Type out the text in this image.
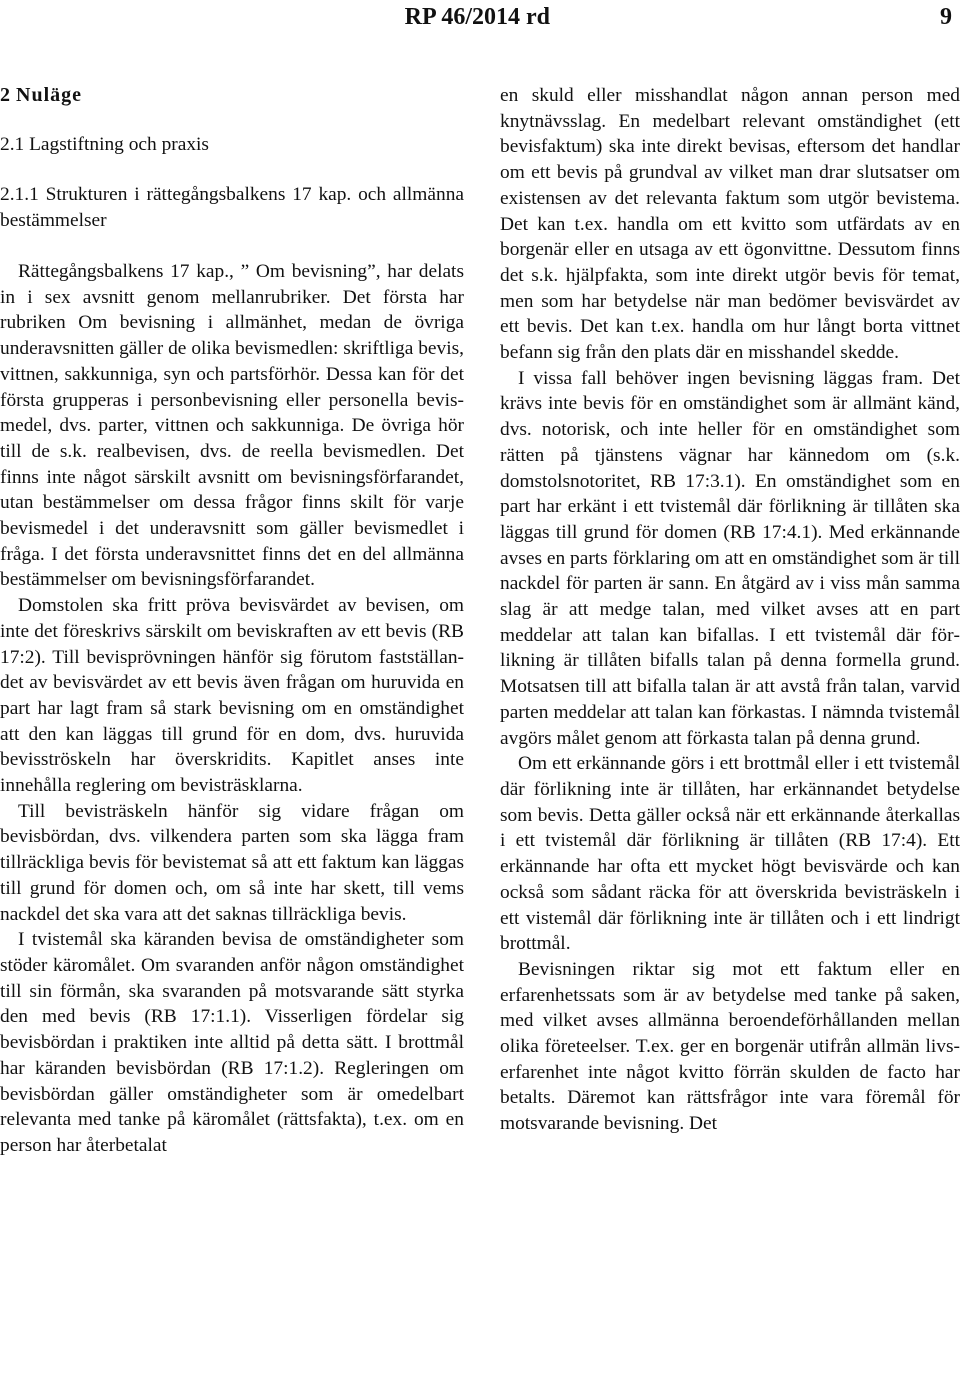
RP 46/2014 rd	9
2 Nuläge
2.1 Lagstiftning och praxis
2.1.1 Strukturen i rättegångsbalkens 17 kap. och allmänna bestämmelser

Rättegångsbalkens 17 kap., ” Om bevisning”, har delats in i sex avsnitt genom mellanrubriker. Det första har rubriken Om bevisning i allmänhet, medan de övriga underavsnitten gäller de olika bevismedlen: skriftliga bevis, vittnen, sakkunniga, syn och partsförhör. Dessa kan för det första grupperas i personbevisning eller personella bevismedel, dvs. parter, vittnen och sakkunniga. De övriga hör till de s.k. realbevisen, dvs. de reella bevismedlen. Det finns inte något särskilt avsnitt om bevisningsförfarandet, utan bestämmelser om dessa frågor finns skilt för varje bevismedel i det underavsnitt som gäller bevismedlet i fråga. I det första underavsnittet finns det en del allmänna bestämmelser om bevisningsförfarandet.

Domstolen ska fritt pröva bevisvärdet av bevisen, om inte det föreskrivs särskilt om beviskraften av ett bevis (RB 17:2). Till bevisprövningen hänför sig förutom fastställandet av bevisvärdet av ett bevis även frågan om huruvida en part har lagt fram så stark bevisning om en omständighet att den kan läggas till grund för en dom, dvs. huruvida bevisströskeln har överskridits. Kapitlet anses inte innehålla reglering om bevisträsklarna.

Till bevisträskeln hänför sig vidare frågan om bevisbördan, dvs. vilkendera parten som ska lägga fram tillräckliga bevis för bevistemat så att ett faktum kan läggas till grund för domen och, om så inte har skett, till vems nackdel det ska vara att det saknas tillräckliga bevis.

I tvistemål ska käranden bevisa de omständigheter som stöder käromålet. Om svaranden anför någon omständighet till sin förmån, ska svaranden på motsvarande sätt styrka den med bevis (RB 17:1.1). Visserligen fördelar sig bevisbördan i praktiken inte alltid på detta sätt. I brottmål har käranden bevisbördan (RB 17:1.2). Regleringen om bevisbördan gäller omständigheter som är omedelbart relevanta med tanke på käromålet (rättsfakta), t.ex. om en person har återbetalat

en skuld eller misshandlat någon annan person med knytnävsslag. En medelbart relevant omständighet (ett bevisfaktum) ska inte direkt bevisas, eftersom det handlar om ett bevis på grundval av vilket man drar slutsatser om existensen av det relevanta faktum som utgör bevistema. Det kan t.ex. handla om ett kvitto som utfärdats av en borgenär eller en utsaga av ett ögonvittne. Dessutom finns det s.k. hjälpfakta, som inte direkt utgör bevis för temat, men som har betydelse när man bedömer bevisvärdet av ett bevis. Det kan t.ex. handla om hur långt borta vittnet befann sig från den plats där en misshandel skedde.

I vissa fall behöver ingen bevisning läggas fram. Det krävs inte bevis för en omständighet som är allmänt känd, dvs. notorisk, och inte heller för en omständighet som rätten på tjänstens vägnar har kännedom om (s.k. domstolsnotoritet, RB 17:3.1). En omständighet som en part har erkänt i ett tvistemål där förlikning är tillåten ska läggas till grund för domen (RB 17:4.1). Med erkännande avses en parts förklaring om att en omständighet som är till nackdel för parten är sann. En åtgärd av i viss mån samma slag är att medge talan, med vilket avses att en part meddelar att talan kan bifallas. I ett tvistemål där förlikning är tillåten bifalls talan på denna formella grund. Motsatsen till att bifalla talan är att avstå från talan, varvid parten meddelar att talan kan förkastas. I nämnda tvistemål avgörs målet genom att förkasta talan på denna grund.

Om ett erkännande görs i ett brottmål eller i ett tvistemål där förlikning inte är tillåten, har erkännandet betydelse som bevis. Detta gäller också när ett erkännande återkallas i ett tvistemål där förlikning är tillåten (RB 17:4). Ett erkännande har ofta ett mycket högt bevisvärde och kan också som sådant räcka för att överskrida bevisträskeln i ett vistemål där förlikning inte är tillåten och i ett lindrigt brottmål.

Bevisningen riktar sig mot ett faktum eller en erfarenhetssats som är av betydelse med tanke på saken, med vilket avses allmänna beroendeförhållanden mellan olika företeelser. T.ex. ger en borgenär utifrån allmän livserfarenhet inte något kvitto förrän skulden de facto har betalts. Däremot kan rättsfrågor inte vara föremål för motsvarande bevisning. Det
